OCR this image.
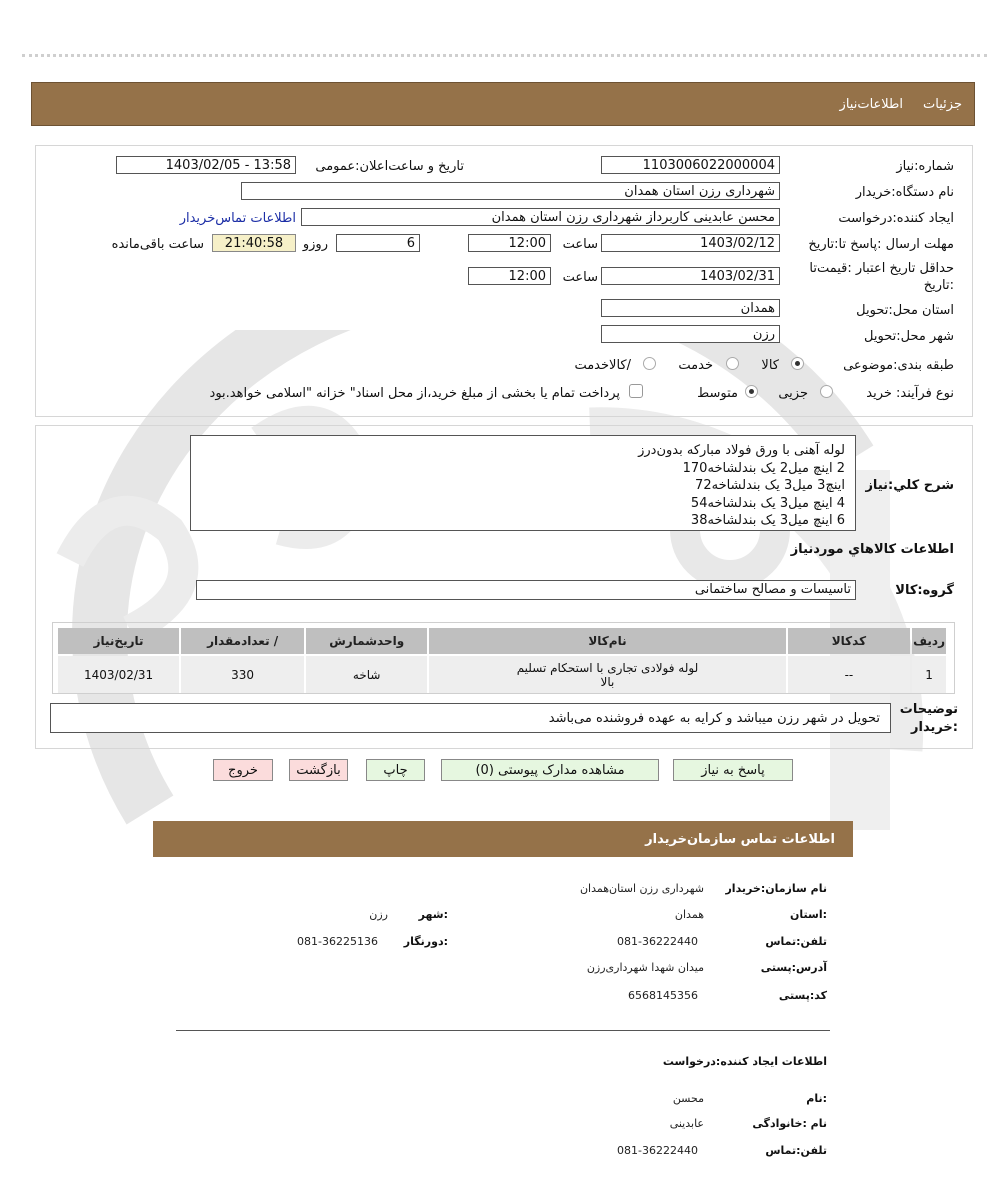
جزئیات
اطلاعات‌نیاز
شماره:نیاز
1103006022000004
تاریخ و ساعت‌اعلان:عمومی
1403/02/05 - 13:58
نام دستگاه:خریدار
شهرداری رزن استان همدان
ایجاد کننده:درخواست
محسن عابدینی کاربرداز شهرداری رزن استان همدان
اطلاعات تماس‌خریدار
مهلت ارسال :پاسخ تا:تاریخ
1403/02/12
ساعت
12:00
6
روزو
21:40:58
ساعت باقی‌مانده
حداقل تاریخ اعتبار :قیمت‌تا
:تاریخ
1403/02/31
ساعت
12:00
استان محل:تحویل
همدان
شهر محل:تحویل
رزن
طبقه بندی:موضوعی
کالا
خدمت
/کالاخدمت
نوع فرآیند: خرید
جزیی
متوسط
پرداخت تمام یا بخشی از مبلغ خرید،از محل اسناد" خزانه "اسلامی خواهد.بود
شرح كلي:نياز
لوله آهنی با ورق فولاد مبارکه بدون‌درز
2 اینچ میل2 یک بندلشاخه170
اینچ3 میل3 یک بندلشاخه72
4 اینچ میل3 یک بندلشاخه54
6 اینچ میل3 یک بندلشاخه38
اطلاعات كالاهاي موردنياز
گروه:كالا
تاسیسات و مصالح ساختمانی
ردیف	کدکالا	نام‌کالا	واحدشمارش	/ تعدادمقدار	تاریخ‌نیاز
1	--	لوله فولادی تجاری با استحکام تسلیم
بالا	شاخه	330	1403/02/31
توضیحات
:خریدار
تحویل در شهر رزن میباشد و کرایه به عهده فروشنده می‌باشد
پاسخ به نیاز
مشاهده مدارک پیوستی (0)
چاپ
بازگشت
خروج
اطلاعات تماس سازمان‌خریدار
نام سازمان:خریدار
شهرداری رزن استان‌همدان
:استان
همدان
:شهر
رزن
تلفن:تماس
081-36222440
:دورنگار
081-36225136
آدرس:پستی
میدان شهدا شهرداری‌رزن
کد:پستی
6568145356
اطلاعات ایجاد کننده:درخواست
:نام
محسن
نام :خانوادگی
عابدینی
تلفن:تماس
081-36222440
